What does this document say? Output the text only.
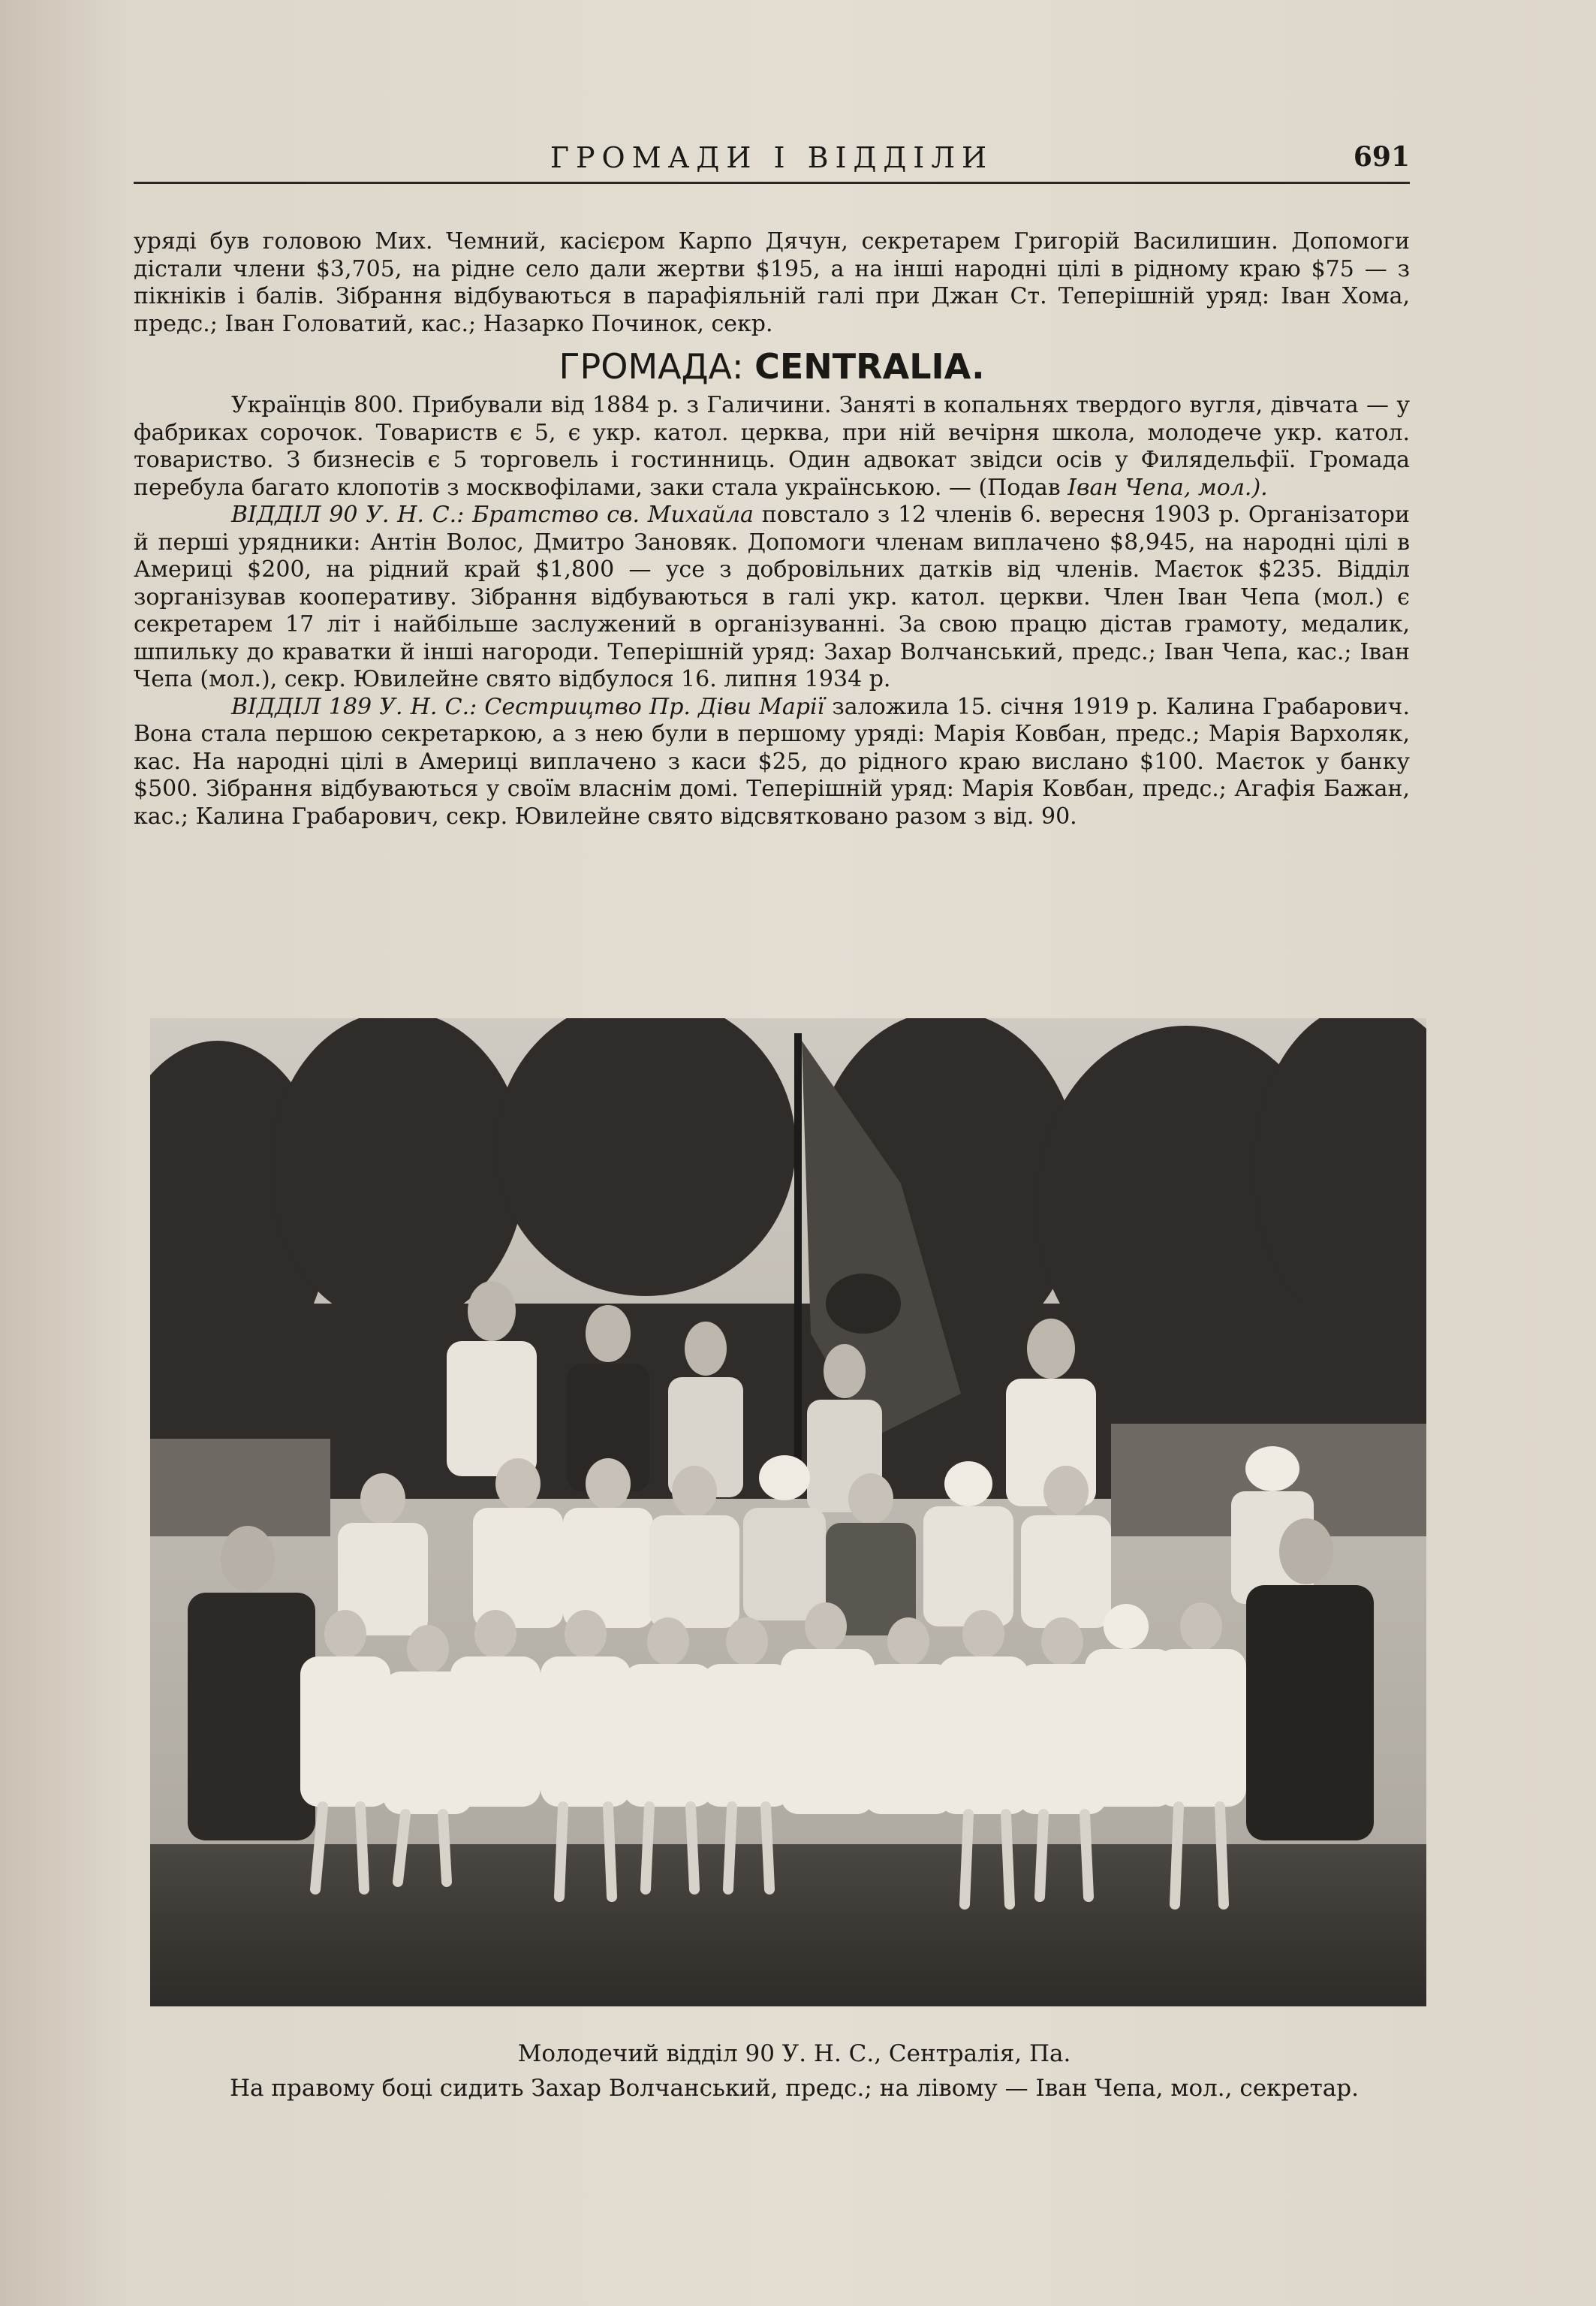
ГРОМАДИ І ВІДДІЛИ	691

уряді був головою Мих. Чемний, касієром Карпо Дячун, секретарем Григорій Василишин. Допомоги дістали члени $3,705, на рідне село дали жертви $195, а на інші народні цілі в рідному краю $75 — з пікніків і балів. Зібрання відбуваються в парафіяльній галі при Джан Ст. Теперішній уряд: Іван Хома, предс.; Іван Головатий, кас.; Назарко Починок, секр.

ГРОМАДА: CENTRALIA.

Українців 800. Прибували від 1884 р. з Галичини. Заняті в копальнях твердого вугля, дівчата — у фабриках сорочок. Товариств є 5, є укр. катол. церква, при ній вечірня школа, молодече укр. катол. товариство. З бизнесів є 5 торговель і гостинниць. Один адвокат звідси осів у Филядельфії. Громада перебула багато клопотів з москвофілами, заки стала українською. — (Подав Іван Чепа, мол.).

ВІДДІЛ 90 У. Н. С.: Братство св. Михайла повстало з 12 членів 6. вересня 1903 р. Організатори й перші урядники: Антін Волос, Дмитро Зановяк. Допомоги членам виплачено $8,945, на народні цілі в Америці $200, на рідний край $1,800 — усе з добровільних датків від членів. Маєток $235. Відділ зорганізував кооперативу. Зібрання відбуваються в галі укр. катол. церкви. Член Іван Чепа (мол.) є секретарем 17 літ і найбільше заслужений в організуванні. За свою працю дістав грамоту, медалик, шпильку до краватки й інші нагороди. Теперішній уряд: Захар Волчанський, предс.; Іван Чепа, кас.; Іван Чепа (мол.), секр. Ювилейне свято відбулося 16. липня 1934 р.

ВІДДІЛ 189 У. Н. С.: Сестрицтво Пр. Діви Марії заложила 15. січня 1919 р. Калина Грабарович. Вона стала першою секретаркою, а з нею були в першому уряді: Марія Ковбан, предс.; Марія Вархоляк, кас. На народні цілі в Америці виплачено з каси $25, до рідного краю вислано $100. Маєток у банку $500. Зібрання відбуваються у своїм власнім домі. Теперішній уряд: Марія Ковбан, предс.; Агафія Бажан, кас.; Калина Грабарович, секр. Ювилейне свято відсвятковано разом з від. 90.

Молодечий відділ 90 У. Н. С., Сентралія, Па.
На правому боці сидить Захар Волчанський, предс.; на лівому — Іван Чепа, мол., секретар.
